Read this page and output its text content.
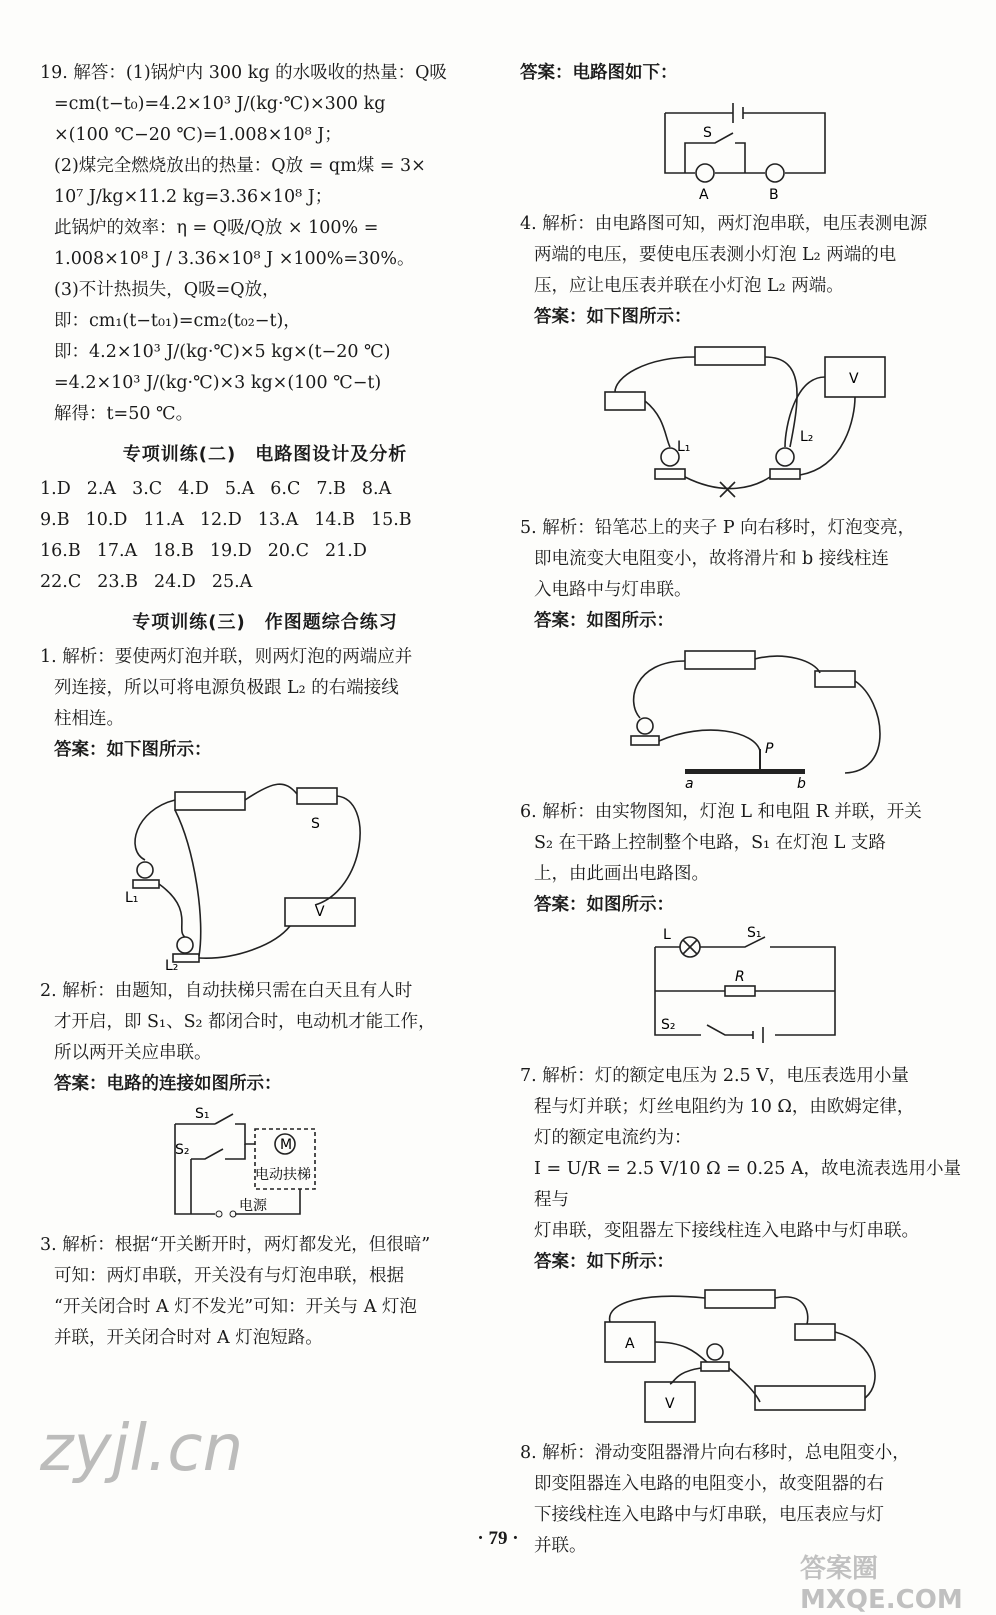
19. 解答：(1)锅炉内 300 kg 的水吸收的热量：Q吸

=cm(t−t₀)=4.2×10³ J/(kg·℃)×300 kg

×(100 ℃−20 ℃)=1.008×10⁸ J；

(2)煤完全燃烧放出的热量：Q放 = qm煤 = 3×

10⁷ J/kg×11.2 kg=3.36×10⁸ J；

此锅炉的效率：η = Q吸/Q放 × 100% =

1.008×10⁸ J / 3.36×10⁸ J ×100%=30%。

(3)不计热损失，Q吸=Q放，

即：cm₁(t−t₀₁)=cm₂(t₀₂−t)，

即：4.2×10³ J/(kg·℃)×5 kg×(t−20 ℃)

=4.2×10³ J/(kg·℃)×3 kg×(100 ℃−t)

解得：t=50 ℃。

专项训练(二)　电路图设计及分析
1.D 2.A 3.C 4.D 5.A 6.C 7.B 8.A
9.B 10.D 11.A 12.D 13.A 14.B 15.B
16.B 17.A 18.B 19.D 20.C 21.D
22.C 23.B 24.D 25.A
专项训练(三)　作图题综合练习

1. 解析：要使两灯泡并联，则两灯泡的两端应并

列连接，所以可将电源负极跟 L₂ 的右端接线

柱相连。

答案：如下图所示：

S
L₁
L₂
V

2. 解析：由题知，自动扶梯只需在白天且有人时

才开启，即 S₁、S₂ 都闭合时，电动机才能工作，

所以两开关应串联。

答案：电路的连接如图所示：

S₁
S₂	M
电动扶梯
电源

3. 解析：根据“开关断开时，两灯都发光，但很暗”

可知：两灯串联，开关没有与灯泡串联，根据

“开关闭合时 A 灯不发光”可知：开关与 A 灯泡

并联，开关闭合时对 A 灯泡短路。

答案：电路图如下：

S
A	B

4. 解析：由电路图可知，两灯泡串联，电压表测电源

两端的电压，要使电压表测小灯泡 L₂ 两端的电

压，应让电压表并联在小灯泡 L₂ 两端。

答案：如下图所示：

V
L₁
L₂

5. 解析：铅笔芯上的夹子 P 向右移时，灯泡变亮，

即电流变大电阻变小，故将滑片和 b 接线柱连

入电路中与灯串联。

答案：如图所示：

P
a	b

6. 解析：由实物图知，灯泡 L 和电阻 R 并联，开关

S₂ 在干路上控制整个电路，S₁ 在灯泡 L 支路

上，由此画出电路图。

答案：如图所示：

L	S₁
R
S₂

7. 解析：灯的额定电压为 2.5 V，电压表选用小量

程与灯并联；灯丝电阻约为 10 Ω，由欧姆定律，

灯的额定电流约为：

I = U/R = 2.5 V/10 Ω = 0.25 A，故电流表选用小量程与

灯串联，变阻器左下接线柱连入电路中与灯串联。

答案：如下所示：

A
V

8. 解析：滑动变阻器滑片向右移时，总电阻变小，

即变阻器连入电路的电阻变小，故变阻器的右

下接线柱连入电路中与灯串联，电压表应与灯

并联。

· 79 ·
zyjl.cn
答案圈 MXQE.COM
